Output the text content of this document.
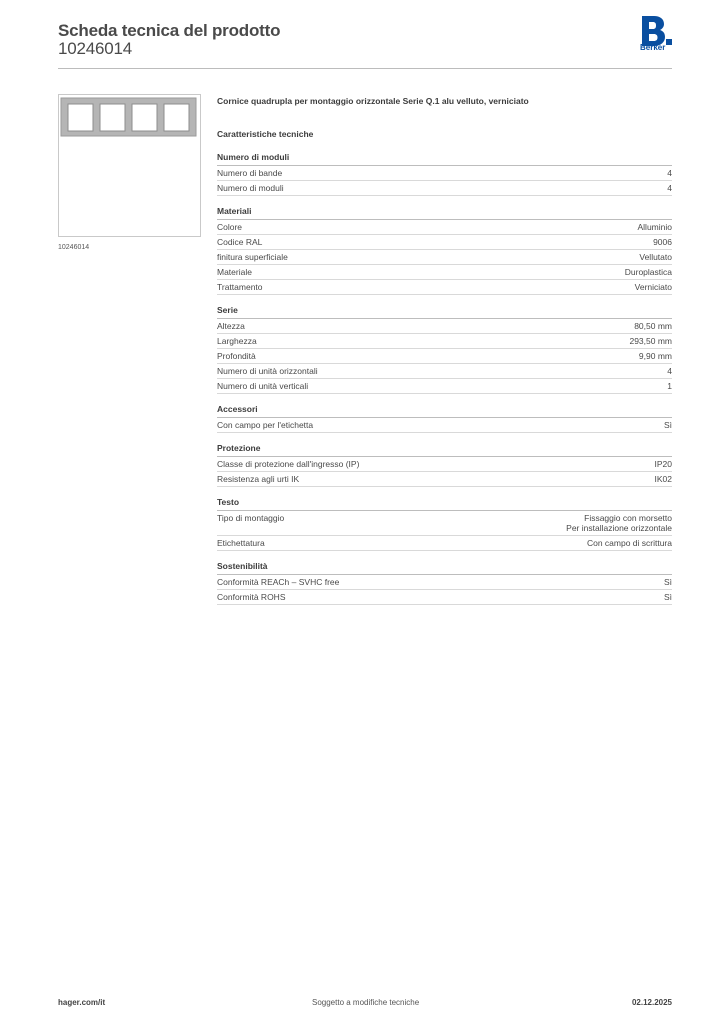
Scheda tecnica del prodotto
10246014	Berker
10246014
Cornice quadrupla per montaggio orizzontale Serie Q.1 alu velluto, verniciato
Caratteristiche tecniche
Numero di moduli
Numero di bande	4
Numero di moduli	4
Materiali
Colore	Alluminio
Codice RAL	9006
finitura superficiale	Vellutato
Materiale	Duroplastica
Trattamento	Verniciato
Serie
Altezza	80,50 mm
Larghezza	293,50 mm
Profondità	9,90 mm
Numero di unità orizzontali	4
Numero di unità verticali	1
Accessori
Con campo per l'etichetta	Sì
Protezione
Classe di protezione dall'ingresso (IP)	IP20
Resistenza agli urti IK	IK02
Testo
Tipo di montaggio	Fissaggio con morsetto
Per installazione orizzontale
Etichettatura	Con campo di scrittura
Sostenibilità
Conformità REACh – SVHC free	Sì
Conformità ROHS	Sì
hager.com/it	Soggetto a modifiche tecniche	02.12.2025
